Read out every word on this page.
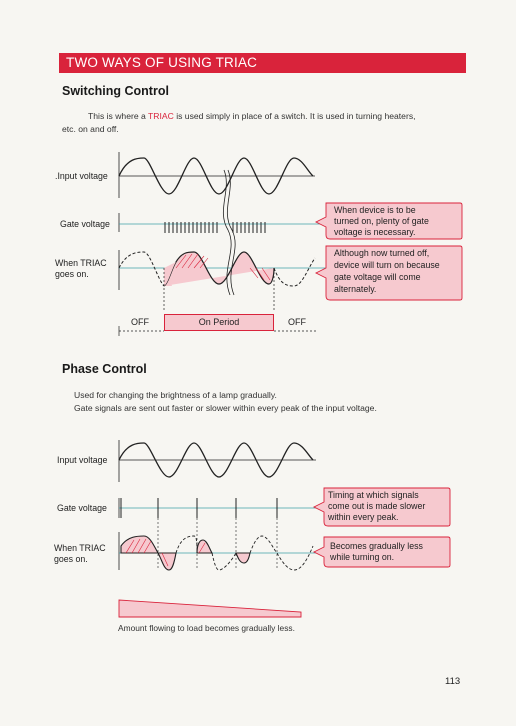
TWO WAYS OF USING TRIAC
Switching Control
This is where a TRIAC is used simply in place of a switch. It is used in turning heaters,
etc. on and off.
.Input voltage
Gate voltage
When TRIAC
goes on.
OFF	On Period	OFF
When device is to be
turned on, plenty of gate
voltage is necessary.
Although now turned off,
device will turn on because
gate voltage will come
alternately.
Phase Control
Used for changing the brightness of a lamp gradually.
Gate signals are sent out faster or slower within every peak of the input voltage.
Input voltage
Gate voltage
When TRIAC
goes on.
Timing at which signals
come out is made slower
within every peak.
Becomes gradually less
while turning on.
Amount flowing to load becomes gradually less.
113
